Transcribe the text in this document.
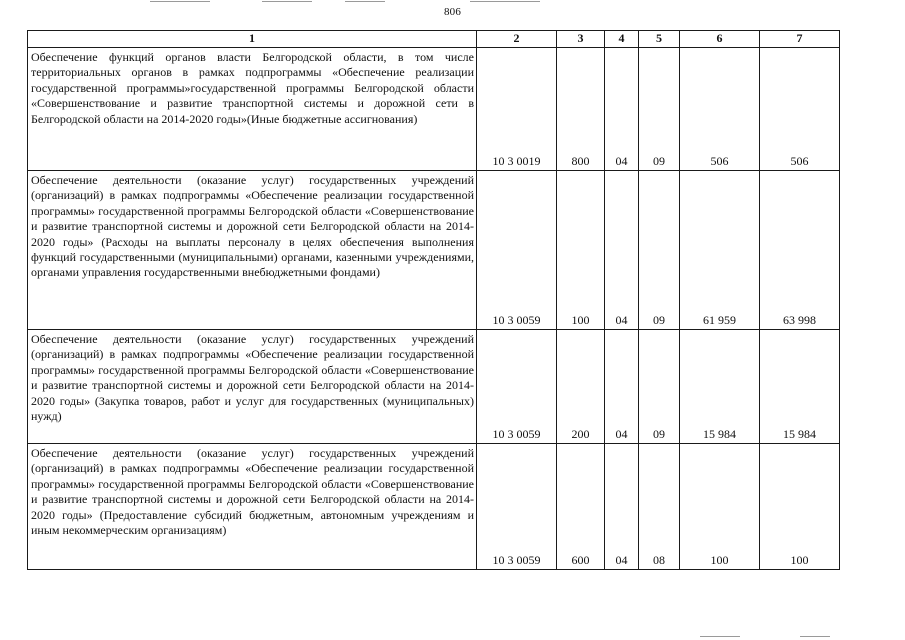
806
1	2	3	4	5	6	7
Обеспечение функций органов власти Белгородской области, в том числе территориальных органов в рамках подпрограммы «Обеспечение реализации государственной программы»государственной программы Белгородской области «Совершенствование и развитие транспортной системы и дорожной сети в Белгородской области на 2014-2020 годы»(Иные бюджетные ассигнования)	10 3 0019	800	04	09	506	506
Обеспечение деятельности (оказание услуг) государственных учреждений (организаций) в рамках подпрограммы «Обеспечение реализации государственной программы» государственной программы Белгородской области «Совершенствование и развитие транспортной системы и дорожной сети Белгородской области на 2014-2020 годы» (Расходы на выплаты персоналу в целях обеспечения выполнения функций государственными (муниципальными) органами, казенными учреждениями, органами управления государственными внебюджетными фондами)	10 3 0059	100	04	09	61 959	63 998
Обеспечение деятельности (оказание услуг) государственных учреждений (организаций) в рамках подпрограммы «Обеспечение реализации государственной программы» государственной программы Белгородской области «Совершенствование и развитие транспортной системы и дорожной сети Белгородской области на 2014-2020 годы» (Закупка товаров, работ и услуг для государственных (муниципальных) нужд)	10 3 0059	200	04	09	15 984	15 984
Обеспечение деятельности (оказание услуг) государственных учреждений (организаций) в рамках подпрограммы «Обеспечение реализации государственной программы» государственной программы Белгородской области «Совершенствование и развитие транспортной системы и дорожной сети Белгородской области на 2014-2020 годы» (Предоставление субсидий бюджетным, автономным учреждениям и иным некоммерческим организациям)	10 3 0059	600	04	08	100	100
